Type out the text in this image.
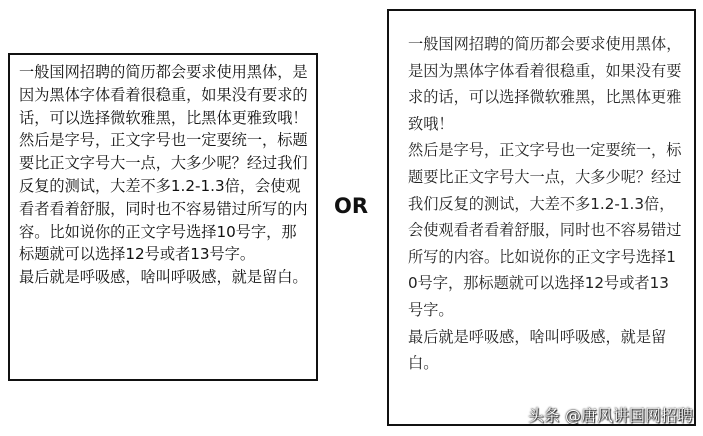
一般国网招聘的简历都会要求使用黑体，是因为黑体字体看着很稳重，如果没有要求的话，可以选择微软雅黑，比黑体更雅致哦！

然后是字号，正文字号也一定要统一，标题要比正文字号大一点，大多少呢？经过我们反复的测试，大差不多1.2-1.3倍，会使观看者看着舒服，同时也不容易错过所写的内容。比如说你的正文字号选择10号字，那标题就可以选择12号或者13号字。

最后就是呼吸感，啥叫呼吸感，就是留白。

OR

一般国网招聘的简历都会要求使用黑体，是因为黑体字体看着很稳重，如果没有要求的话，可以选择微软雅黑，比黑体更雅致哦！

然后是字号，正文字号也一定要统一，标题要比正文字号大一点，大多少呢？经过我们反复的测试，大差不多1.2-1.3倍，会使观看者看着舒服，同时也不容易错过所写的内容。比如说你的正文字号选择10号字，那标题就可以选择12号或者13号字。

最后就是呼吸感，啥叫呼吸感，就是留白。

头条 @唐风讲国网招聘
